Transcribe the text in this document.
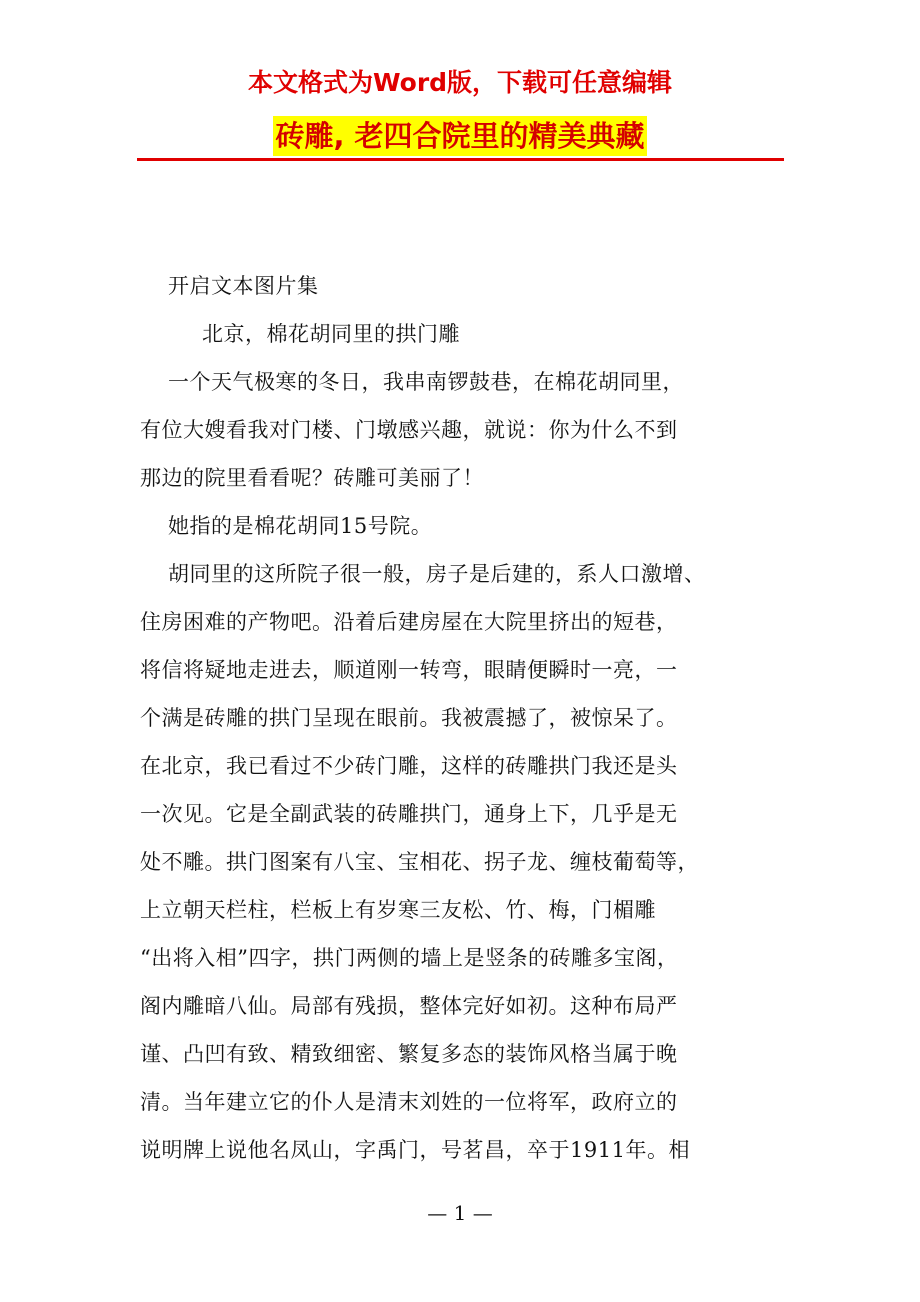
本文格式为Word版，下载可任意编辑
砖雕, 老四合院里的精美典藏
开启文本图片集
北京，棉花胡同里的拱门雕
一个天气极寒的冬日，我串南锣鼓巷，在棉花胡同里，
有位大嫂看我对门楼、门墩感兴趣，就说：你为什么不到
那边的院里看看呢？砖雕可美丽了！
她指的是棉花胡同15号院。
胡同里的这所院子很一般，房子是后建的，系人口激增、
住房困难的产物吧。沿着后建房屋在大院里挤出的短巷，
将信将疑地走进去，顺道刚一转弯，眼睛便瞬时一亮，一
个满是砖雕的拱门呈现在眼前。我被震撼了，被惊呆了。
在北京，我已看过不少砖门雕，这样的砖雕拱门我还是头
一次见。它是全副武装的砖雕拱门，通身上下，几乎是无
处不雕。拱门图案有八宝、宝相花、拐子龙、缠枝葡萄等，
上立朝天栏柱，栏板上有岁寒三友松、竹、梅，门楣雕
“出将入相”四字，拱门两侧的墙上是竖条的砖雕多宝阁，
阁内雕暗八仙。局部有残损，整体完好如初。这种布局严
谨、凸凹有致、精致细密、繁复多态的装饰风格当属于晚
清。当年建立它的仆人是清末刘姓的一位将军，政府立的
说明牌上说他名凤山，字禹门，号茗昌，卒于1911年。相
— 1 —
